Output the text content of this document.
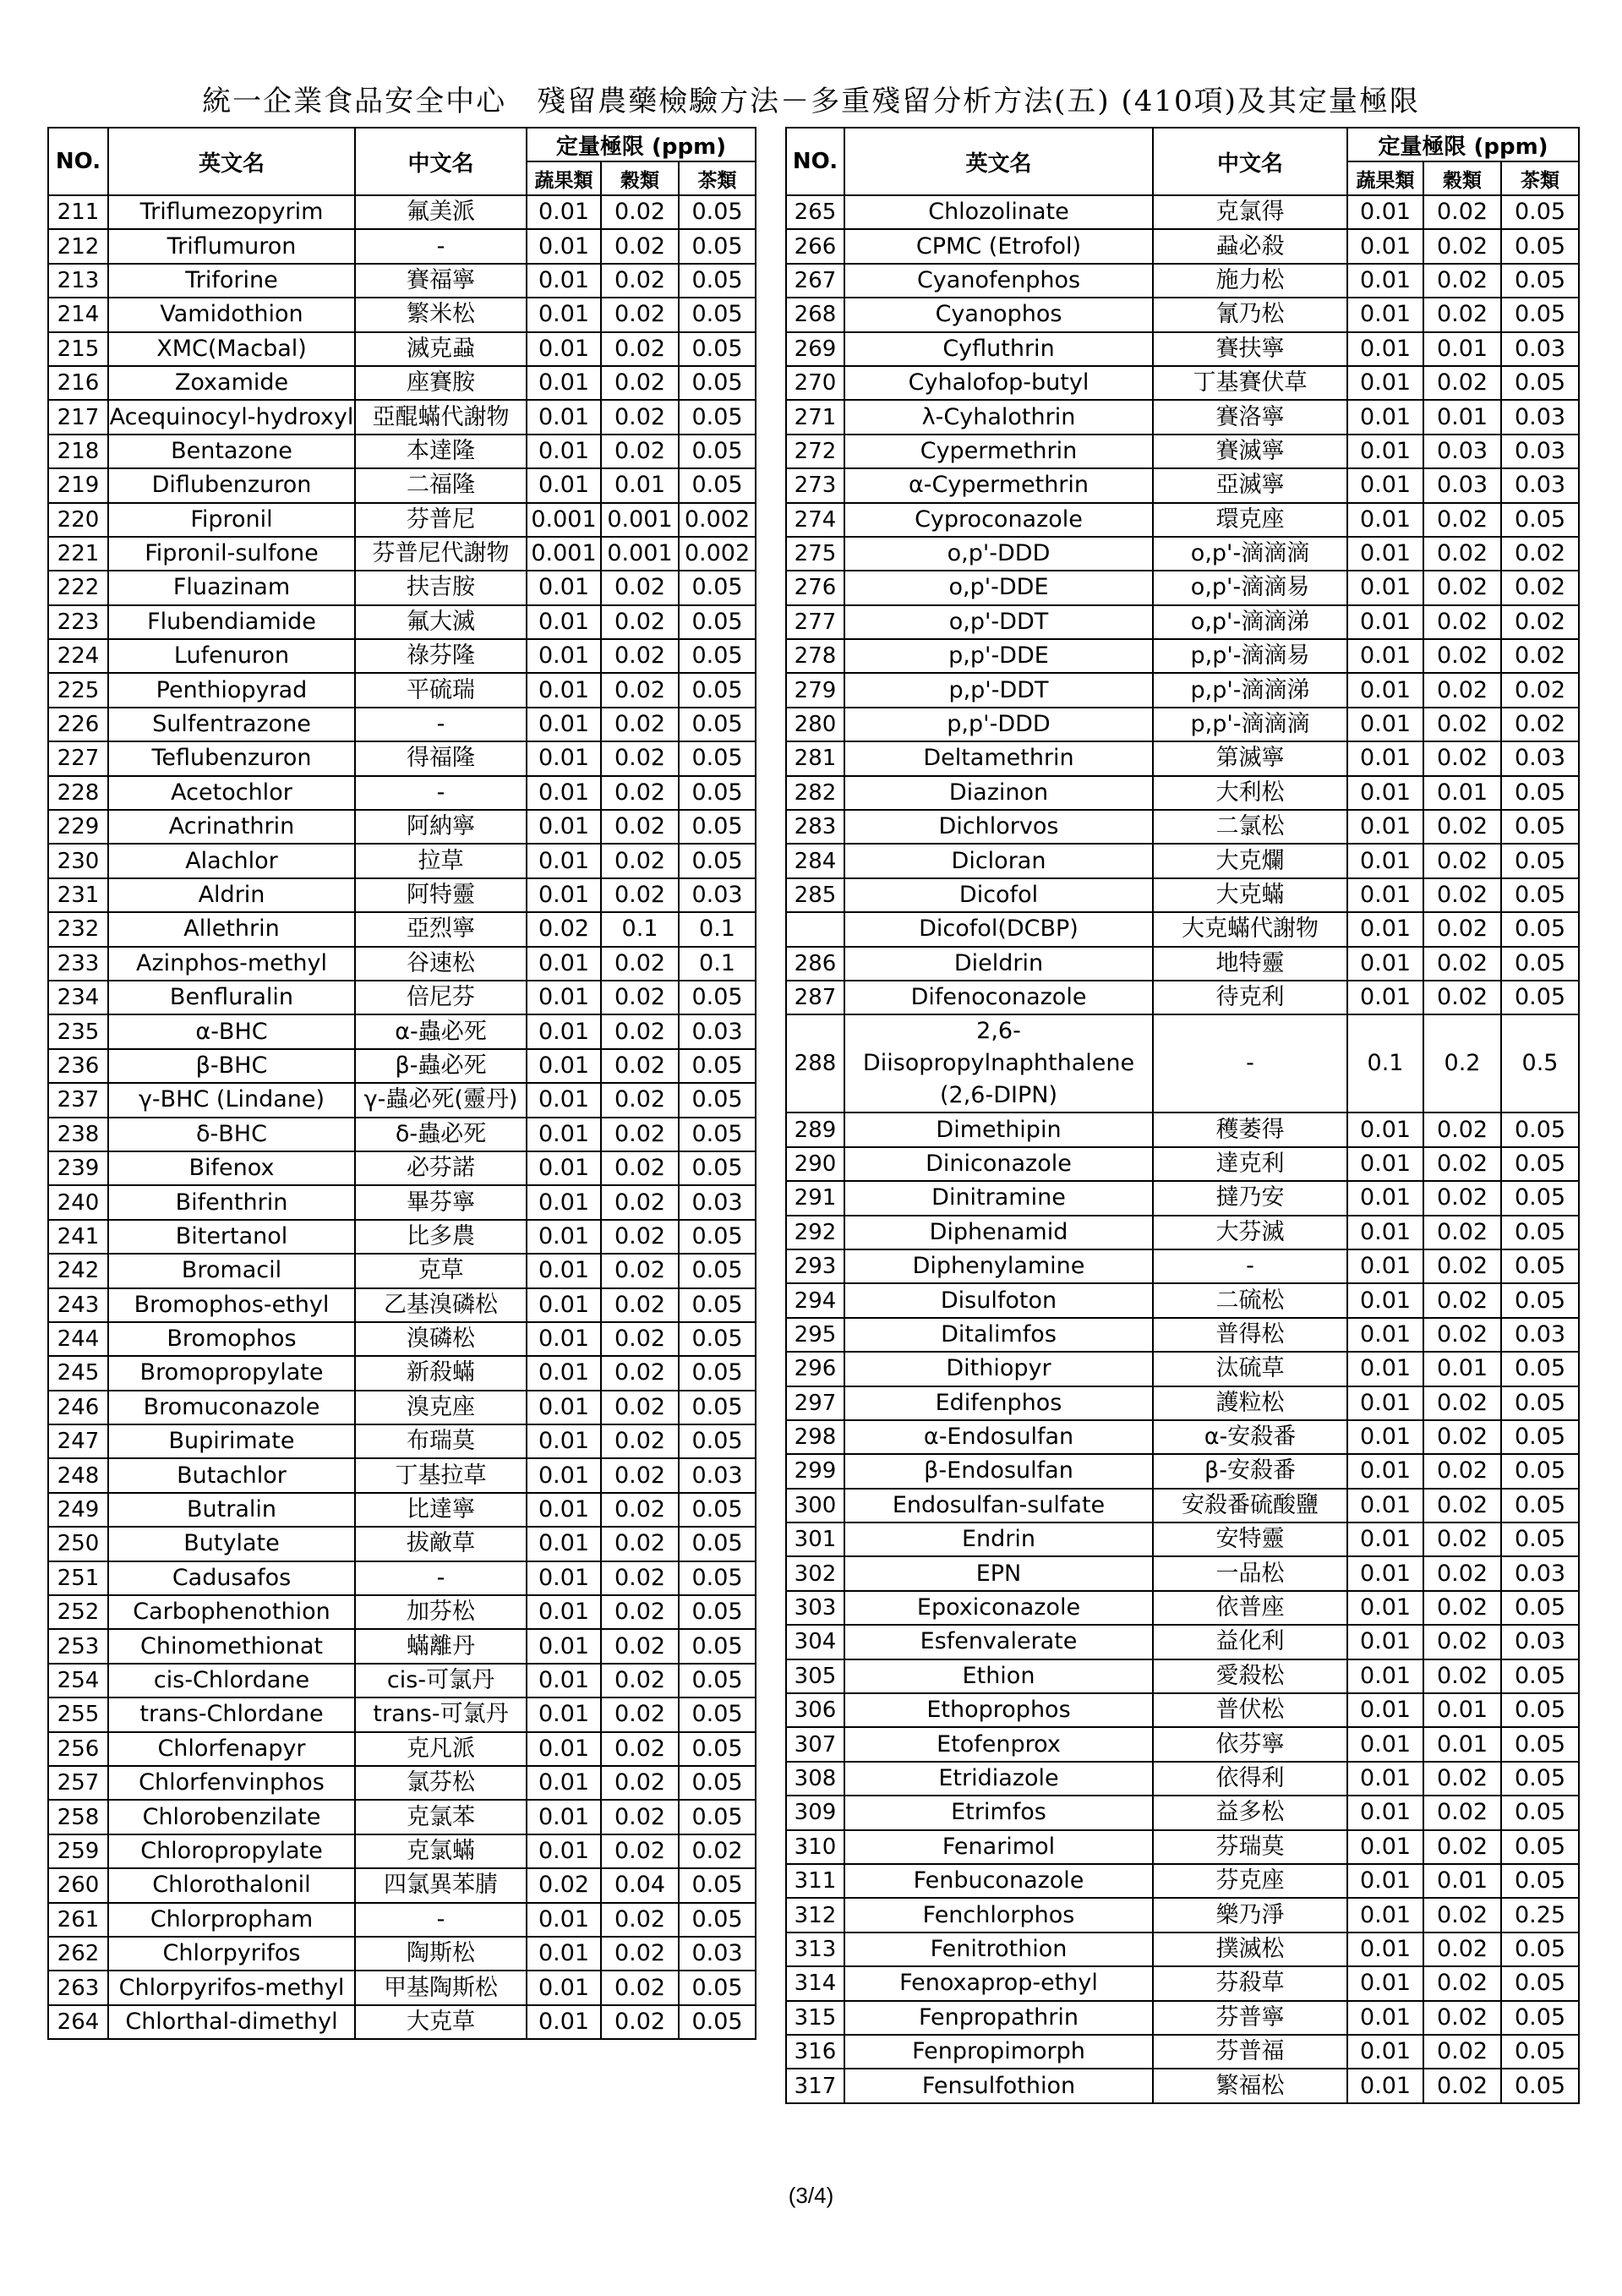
統一企業食品安全中心　殘留農藥檢驗方法－多重殘留分析方法(五) (410項)及其定量極限
NO.	英文名	中文名	定量極限 (ppm)		
			蔬果類	穀類	茶類
211	Triflumezopyrim	氟美派	0.01	0.02	0.05
212	Triflumuron	-	0.01	0.02	0.05
213	Triforine	賽福寧	0.01	0.02	0.05
214	Vamidothion	繁米松	0.01	0.02	0.05
215	XMC(Macbal)	滅克蝨	0.01	0.02	0.05
216	Zoxamide	座賽胺	0.01	0.02	0.05
217	Acequinocyl-hydroxyl	亞醌蟎代謝物	0.01	0.02	0.05
218	Bentazone	本達隆	0.01	0.02	0.05
219	Diflubenzuron	二福隆	0.01	0.01	0.05
220	Fipronil	芬普尼	0.001	0.001	0.002
221	Fipronil-sulfone	芬普尼代謝物	0.001	0.001	0.002
222	Fluazinam	扶吉胺	0.01	0.02	0.05
223	Flubendiamide	氟大滅	0.01	0.02	0.05
224	Lufenuron	祿芬隆	0.01	0.02	0.05
225	Penthiopyrad	平硫瑞	0.01	0.02	0.05
226	Sulfentrazone	-	0.01	0.02	0.05
227	Teflubenzuron	得福隆	0.01	0.02	0.05
228	Acetochlor	-	0.01	0.02	0.05
229	Acrinathrin	阿納寧	0.01	0.02	0.05
230	Alachlor	拉草	0.01	0.02	0.05
231	Aldrin	阿特靈	0.01	0.02	0.03
232	Allethrin	亞烈寧	0.02	0.1	0.1
233	Azinphos-methyl	谷速松	0.01	0.02	0.1
234	Benfluralin	倍尼芬	0.01	0.02	0.05
235	α-BHC	α-蟲必死	0.01	0.02	0.03
236	β-BHC	β-蟲必死	0.01	0.02	0.05
237	γ-BHC (Lindane)	γ-蟲必死(靈丹)	0.01	0.02	0.05
238	δ-BHC	δ-蟲必死	0.01	0.02	0.05
239	Bifenox	必芬諾	0.01	0.02	0.05
240	Bifenthrin	畢芬寧	0.01	0.02	0.03
241	Bitertanol	比多農	0.01	0.02	0.05
242	Bromacil	克草	0.01	0.02	0.05
243	Bromophos-ethyl	乙基溴磷松	0.01	0.02	0.05
244	Bromophos	溴磷松	0.01	0.02	0.05
245	Bromopropylate	新殺蟎	0.01	0.02	0.05
246	Bromuconazole	溴克座	0.01	0.02	0.05
247	Bupirimate	布瑞莫	0.01	0.02	0.05
248	Butachlor	丁基拉草	0.01	0.02	0.03
249	Butralin	比達寧	0.01	0.02	0.05
250	Butylate	拔敵草	0.01	0.02	0.05
251	Cadusafos	-	0.01	0.02	0.05
252	Carbophenothion	加芬松	0.01	0.02	0.05
253	Chinomethionat	蟎離丹	0.01	0.02	0.05
254	cis-Chlordane	cis-可氯丹	0.01	0.02	0.05
255	trans-Chlordane	trans-可氯丹	0.01	0.02	0.05
256	Chlorfenapyr	克凡派	0.01	0.02	0.05
257	Chlorfenvinphos	氯芬松	0.01	0.02	0.05
258	Chlorobenzilate	克氯苯	0.01	0.02	0.05
259	Chloropropylate	克氯蟎	0.01	0.02	0.02
260	Chlorothalonil	四氯異苯腈	0.02	0.04	0.05
261	Chlorpropham	-	0.01	0.02	0.05
262	Chlorpyrifos	陶斯松	0.01	0.02	0.03
263	Chlorpyrifos-methyl	甲基陶斯松	0.01	0.02	0.05
264	Chlorthal-dimethyl	大克草	0.01	0.02	0.05
NO.	英文名	中文名	定量極限 (ppm)		
			蔬果類	穀類	茶類
265	Chlozolinate	克氯得	0.01	0.02	0.05
266	CPMC (Etrofol)	蝨必殺	0.01	0.02	0.05
267	Cyanofenphos	施力松	0.01	0.02	0.05
268	Cyanophos	氰乃松	0.01	0.02	0.05
269	Cyfluthrin	賽扶寧	0.01	0.01	0.03
270	Cyhalofop-butyl	丁基賽伏草	0.01	0.02	0.05
271	λ-Cyhalothrin	賽洛寧	0.01	0.01	0.03
272	Cypermethrin	賽滅寧	0.01	0.03	0.03
273	α-Cypermethrin	亞滅寧	0.01	0.03	0.03
274	Cyproconazole	環克座	0.01	0.02	0.05
275	o,p'-DDD	o,p'-滴滴滴	0.01	0.02	0.02
276	o,p'-DDE	o,p'-滴滴易	0.01	0.02	0.02
277	o,p'-DDT	o,p'-滴滴涕	0.01	0.02	0.02
278	p,p'-DDE	p,p'-滴滴易	0.01	0.02	0.02
279	p,p'-DDT	p,p'-滴滴涕	0.01	0.02	0.02
280	p,p'-DDD	p,p'-滴滴滴	0.01	0.02	0.02
281	Deltamethrin	第滅寧	0.01	0.02	0.03
282	Diazinon	大利松	0.01	0.01	0.05
283	Dichlorvos	二氯松	0.01	0.02	0.05
284	Dicloran	大克爛	0.01	0.02	0.05
285	Dicofol	大克蟎	0.01	0.02	0.05
	Dicofol(DCBP)	大克蟎代謝物	0.01	0.02	0.05
286	Dieldrin	地特靈	0.01	0.02	0.05
287	Difenoconazole	待克利	0.01	0.02	0.05
288	2,6-Diisopropylnaphthalene (2,6-DIPN)	-	0.1	0.2	0.5
289	Dimethipin	穫萎得	0.01	0.02	0.05
290	Diniconazole	達克利	0.01	0.02	0.05
291	Dinitramine	撻乃安	0.01	0.02	0.05
292	Diphenamid	大芬滅	0.01	0.02	0.05
293	Diphenylamine	-	0.01	0.02	0.05
294	Disulfoton	二硫松	0.01	0.02	0.05
295	Ditalimfos	普得松	0.01	0.02	0.03
296	Dithiopyr	汰硫草	0.01	0.01	0.05
297	Edifenphos	護粒松	0.01	0.02	0.05
298	α-Endosulfan	α-安殺番	0.01	0.02	0.05
299	β-Endosulfan	β-安殺番	0.01	0.02	0.05
300	Endosulfan-sulfate	安殺番硫酸鹽	0.01	0.02	0.05
301	Endrin	安特靈	0.01	0.02	0.05
302	EPN	一品松	0.01	0.02	0.03
303	Epoxiconazole	依普座	0.01	0.02	0.05
304	Esfenvalerate	益化利	0.01	0.02	0.03
305	Ethion	愛殺松	0.01	0.02	0.05
306	Ethoprophos	普伏松	0.01	0.01	0.05
307	Etofenprox	依芬寧	0.01	0.01	0.05
308	Etridiazole	依得利	0.01	0.02	0.05
309	Etrimfos	益多松	0.01	0.02	0.05
310	Fenarimol	芬瑞莫	0.01	0.02	0.05
311	Fenbuconazole	芬克座	0.01	0.01	0.05
312	Fenchlorphos	樂乃淨	0.01	0.02	0.25
313	Fenitrothion	撲滅松	0.01	0.02	0.05
314	Fenoxaprop-ethyl	芬殺草	0.01	0.02	0.05
315	Fenpropathrin	芬普寧	0.01	0.02	0.05
316	Fenpropimorph	芬普福	0.01	0.02	0.05
317	Fensulfothion	繁福松	0.01	0.02	0.05
(3/4)
